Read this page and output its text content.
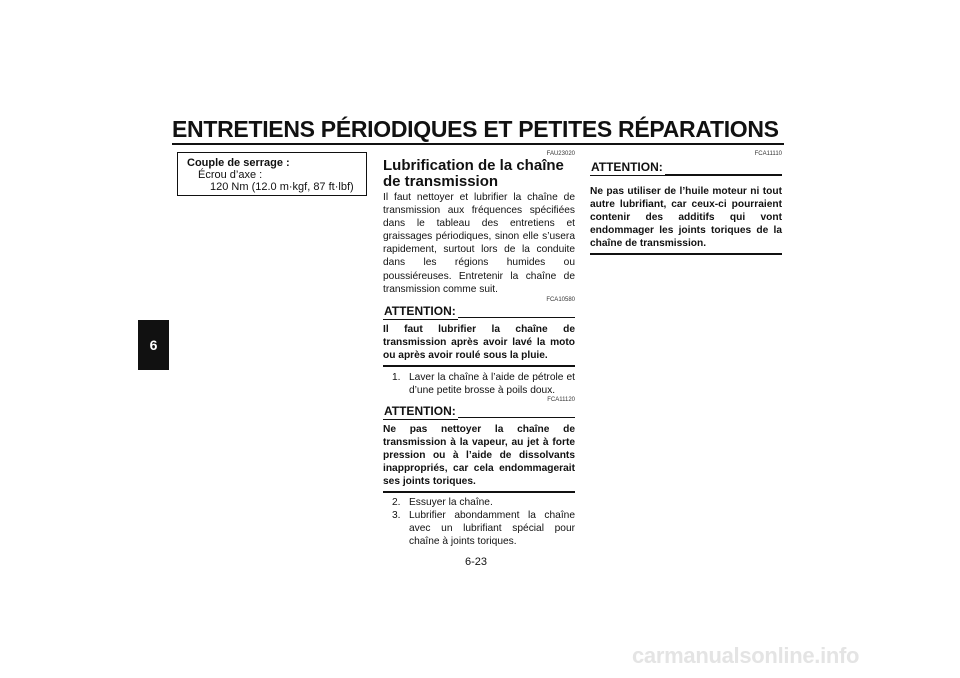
ENTRETIENS PÉRIODIQUES ET PETITES RÉPARATIONS
6
Couple de serrage :
Écrou d’axe :
120 Nm (12.0 m·kgf, 87 ft·lbf)
FAU23020
Lubrification de la chaîne de transmission
Il faut nettoyer et lubrifier la chaîne de transmission aux fréquences spécifiées dans le tableau des entretiens et graissages périodiques, sinon elle s’usera rapidement, surtout lors de la conduite dans les régions humides ou poussiéreuses. Entretenir la chaîne de transmission comme suit.
FCA10580
ATTENTION:
Il faut lubrifier la chaîne de transmission après avoir lavé la moto ou après avoir roulé sous la pluie.
1. Laver la chaîne à l’aide de pétrole et d’une petite brosse à poils doux.
FCA11120
ATTENTION:
Ne pas nettoyer la chaîne de transmission à la vapeur, au jet à forte pression ou à l’aide de dissolvants inappropriés, car cela endommagerait ses joints toriques.
2. Essuyer la chaîne.
3. Lubrifier abondamment la chaîne avec un lubrifiant spécial pour chaîne à joints toriques.
FCA11110
ATTENTION:
Ne pas utiliser de l’huile moteur ni tout autre lubrifiant, car ceux-ci pourraient contenir des additifs qui vont endommager les joints toriques de la chaîne de transmission.
6-23
carmanualsonline.info
